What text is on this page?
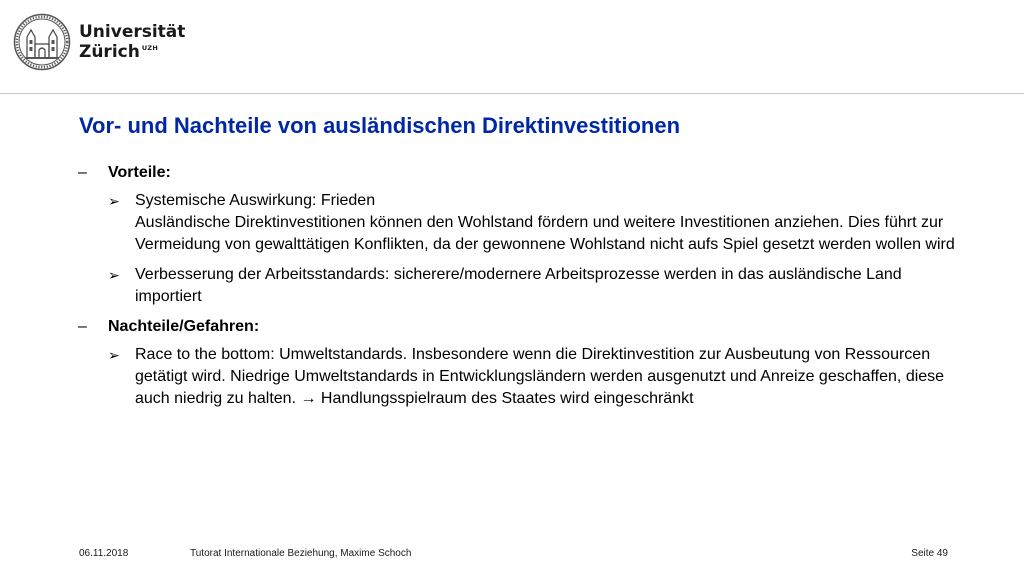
Universität
Zürich $^{UZH}$
Vor- und Nachteile von ausländischen Direktinvestitionen
–	Vorteile:
➢ Systemische Auswirkung: Frieden

Ausländische Direktinvestitionen können den Wohlstand fördern und weitere Investitionen anziehen. Dies führt zur Vermeidung von gewalttätigen Konflikten, da der gewonnene Wohlstand nicht aufs Spiel gesetzt werden wollen wird

➢ Verbesserung der Arbeitsstandards: sicherere/modernere Arbeitsprozesse werden in das ausländische Land importiert

–	Nachteile/Gefahren:
➢ Race to the bottom: Umweltstandards. Insbesondere wenn die Direktinvestition zur Ausbeutung von Ressourcen getätigt wird. Niedrige Umweltstandards in Entwicklungsländern werden ausgenutzt und Anreize geschaffen, diese auch niedrig zu halten. → Handlungsspielraum des Staates wird eingeschränkt

06.11.2018	Tutorat Internationale Beziehung, Maxime Schoch	Seite 49
